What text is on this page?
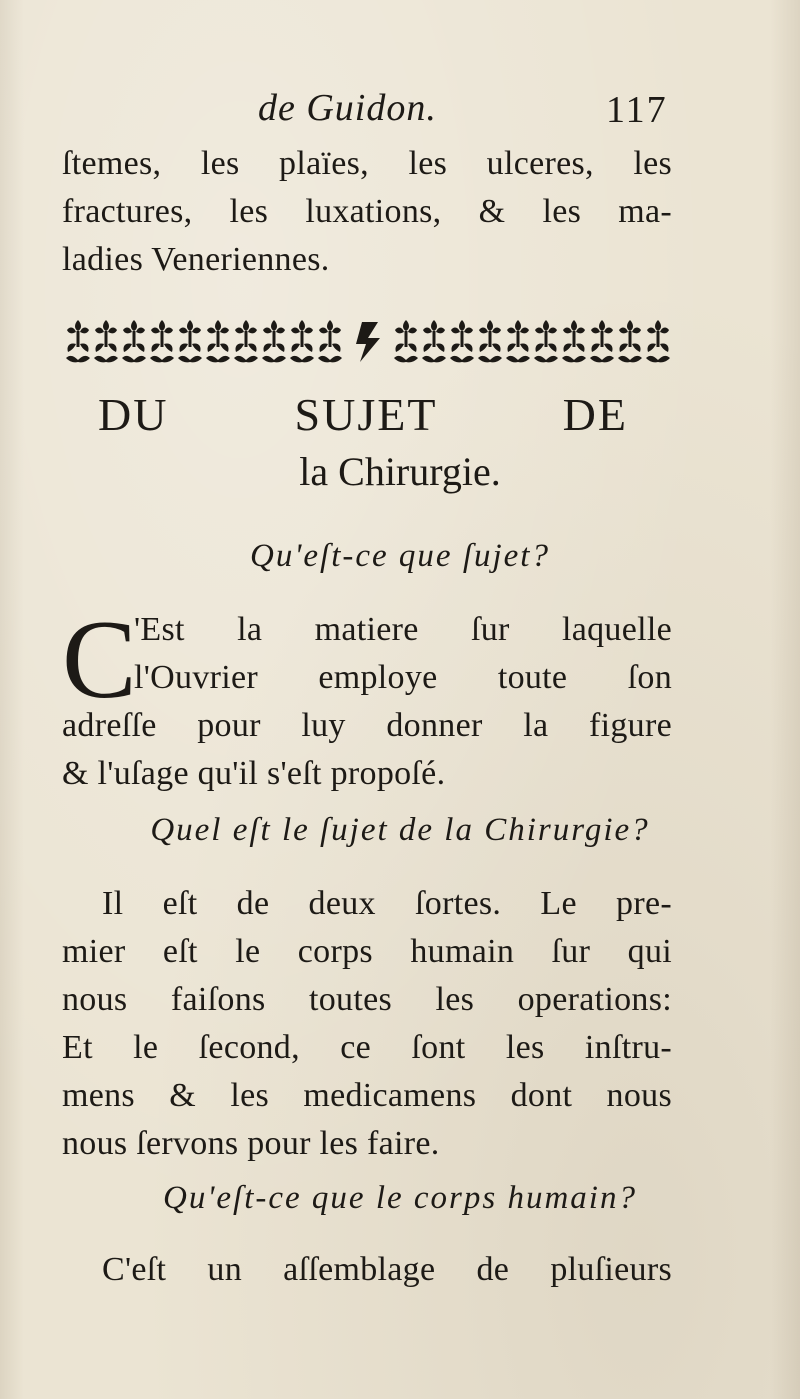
de Guidon.	117
ſtemes, les plaïes, les ulceres, les
fractures, les luxations, & les ma-
ladies Veneriennes.
DU SUJET DE
la Chirurgie.
Qu'eſt-ce que ſujet?
C
'Est la matiere ſur laquelle
l'Ouvrier employe toute ſon
adreſſe pour luy donner la figure
& l'uſage qu'il s'eſt propoſé.
Quel eſt le ſujet de la Chirurgie?
Il eſt de deux ſortes. Le pre-
mier eſt le corps humain ſur qui
nous faiſons toutes les operations:
Et le ſecond, ce ſont les inſtru-
mens & les medicamens dont nous
nous ſervons pour les faire.
Qu'eſt-ce que le corps humain?
C'eſt un aſſemblage de pluſieurs
